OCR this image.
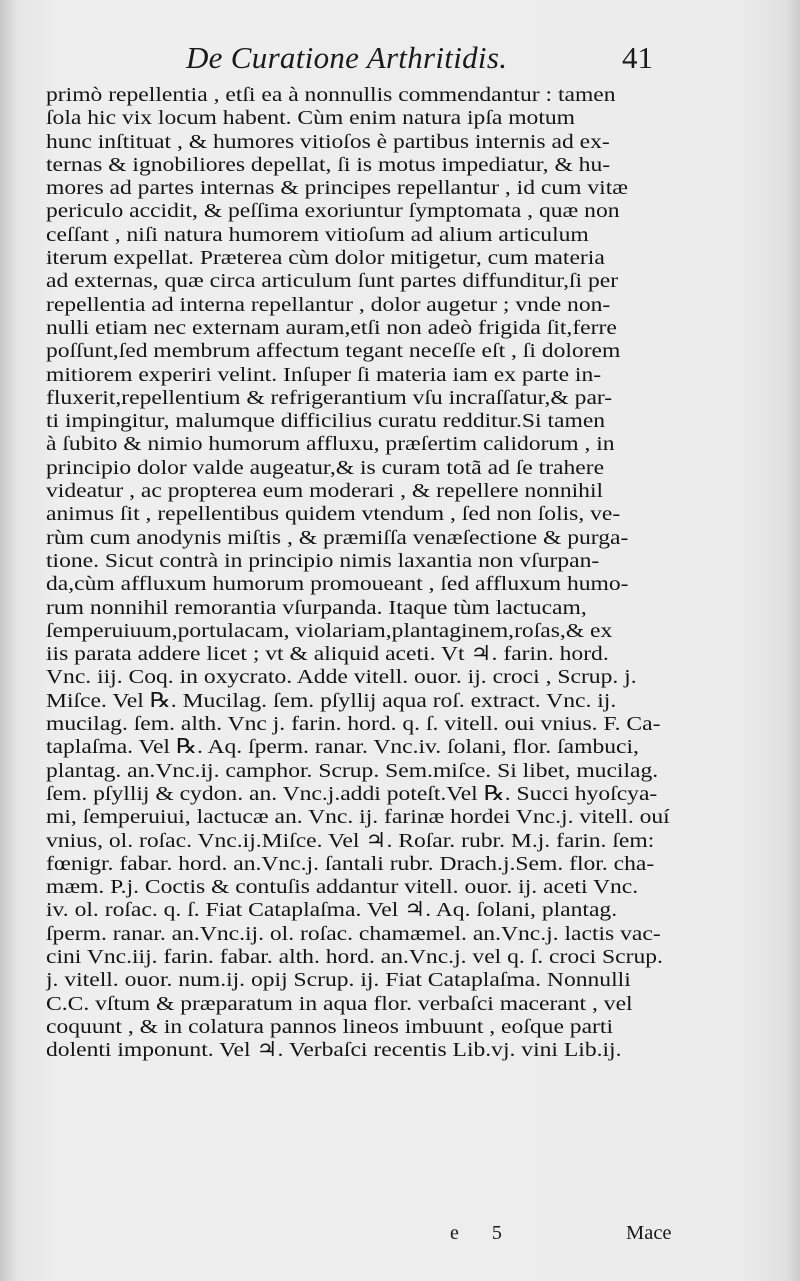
De Curatione Arthritidis.	41
primò repellentia , etſi ea à nonnullis commendantur : tamen
ſola hic vix locum habent. Cùm enim natura ipſa motum
hunc inſtituat , & humores vitioſos è partibus internis ad ex-
ternas & ignobiliores depellat, ſi is motus impediatur, & hu-
mores ad partes internas & principes repellantur , id cum vitæ
periculo accidit, & peſſima exoriuntur ſymptomata , quæ non
ceſſant , niſi natura humorem vitioſum ad alium articulum
iterum expellat. Præterea cùm dolor mitigetur, cum materia
ad externas, quæ circa articulum ſunt partes diffunditur,ſi per
repellentia ad interna repellantur , dolor augetur ; vnde non-
nulli etiam nec externam auram,etſi non adeò frigida ſit,ferre
poſſunt,ſed membrum affectum tegant neceſſe eſt , ſi dolorem
mitiorem experiri velint. Inſuper ſi materia iam ex parte in-
fluxerit,repellentium & refrigerantium vſu incraſſatur,& par-
ti impingitur, malumque difficilius curatu redditur.Si tamen
à ſubito & nimio humorum affluxu, præſertim calidorum , in
principio dolor valde augeatur,& is curam totã ad ſe trahere
videatur , ac propterea eum moderari , & repellere nonnihil
animus ſit , repellentibus quidem vtendum , ſed non ſolis, ve-
rùm cum anodynis miſtis , & præmiſſa venæſectione & purga-
tione. Sicut contrà in principio nimis laxantia non vſurpan-
da,cùm affluxum humorum promoueant , ſed affluxum humo-
rum nonnihil remorantia vſurpanda. Itaque tùm lactucam,
ſemperuiuum,portulacam, violariam,plantaginem,roſas,& ex
iis parata addere licet ; vt & aliquid aceti. Vt ♃. farin. hord.
Vnc. iij. Coq. in oxycrato. Adde vitell. ouor. ij. croci , Scrup. j.
Miſce. Vel ℞. Mucilag. ſem. pſyllij aqua roſ. extract. Vnc. ij.
mucilag. ſem. alth. Vnc j. farin. hord. q. ſ. vitell. oui vnius. F. Ca-
taplaſma. Vel ℞. Aq. ſperm. ranar. Vnc.iv. ſolani, flor. ſambuci,
plantag. an.Vnc.ij. camphor. Scrup. Sem.miſce. Si libet, mucilag.
ſem. pſyllij & cydon. an. Vnc.j.addi poteſt.Vel ℞. Succi hyoſcya-
mi, ſemperuiui, lactucæ an. Vnc. ij. farinæ hordei Vnc.j. vitell. ouí
vnius, ol. roſac. Vnc.ij.Miſce. Vel ♃. Roſar. rubr. M.j. farin. ſem:
fœnigr. fabar. hord. an.Vnc.j. ſantali rubr. Drach.j.Sem. flor. cha-
mæm. P.j. Coctis & contuſis addantur vitell. ouor. ij. aceti Vnc.
iv. ol. roſac. q. ſ. Fiat Cataplaſma. Vel ♃. Aq. ſolani, plantag.
ſperm. ranar. an.Vnc.ij. ol. roſac. chamæmel. an.Vnc.j. lactis vac-
cini Vnc.iij. farin. fabar. alth. hord. an.Vnc.j. vel q. ſ. croci Scrup.
j. vitell. ouor. num.ij. opij Scrup. ij. Fiat Cataplaſma. Nonnulli
C.C. vſtum & præparatum in aqua flor. verbaſci macerant , vel
coquunt , & in colatura pannos lineos imbuunt , eoſque parti
dolenti imponunt. Vel ♃. Verbaſci recentis Lib.vj. vini Lib.ij.
e 5	Mace
